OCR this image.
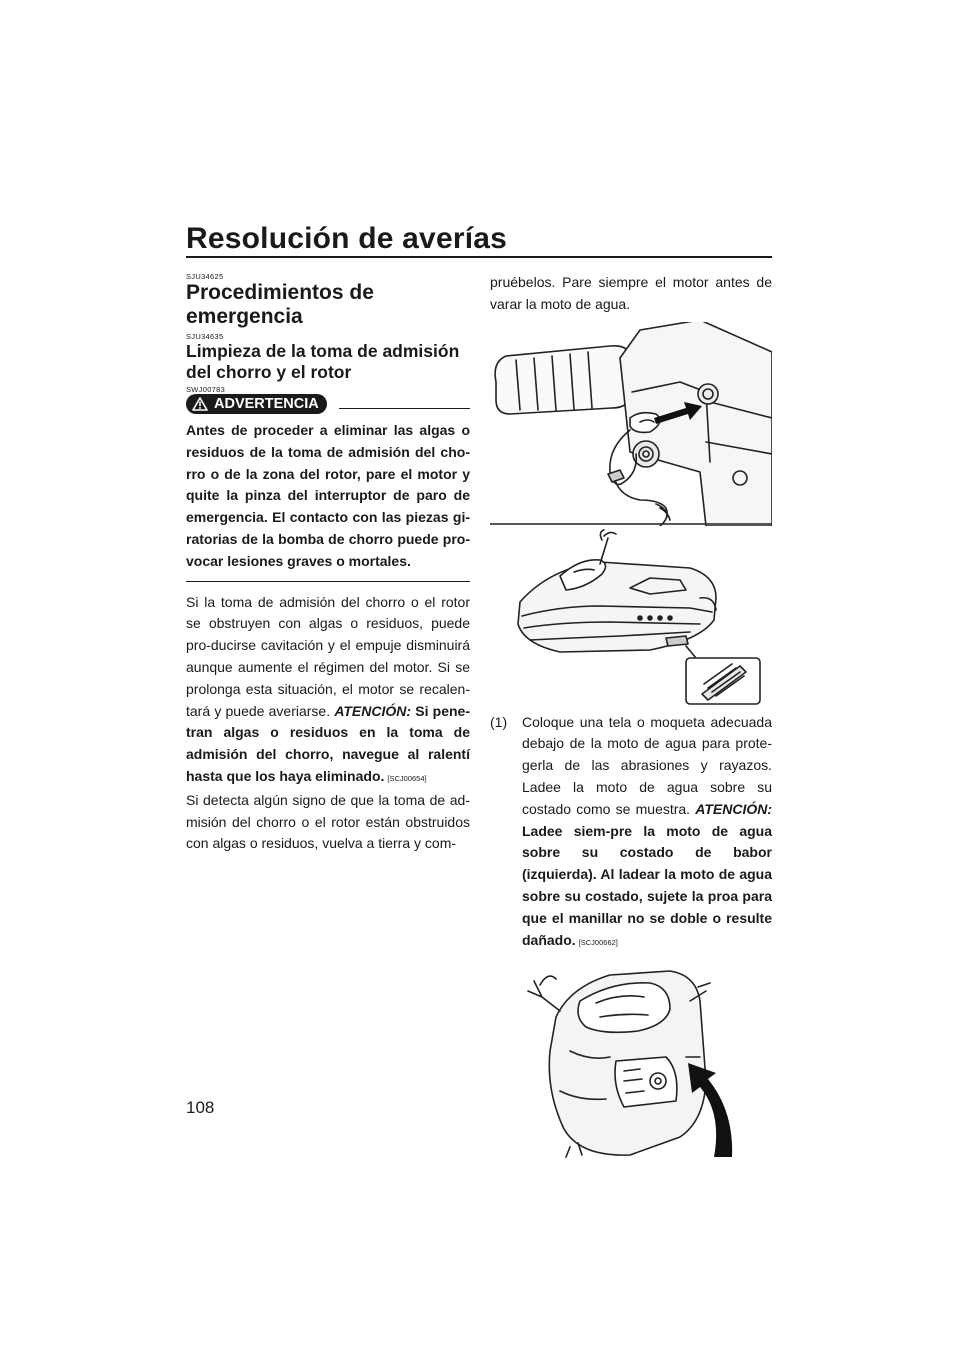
Resolución de averías
SJU34625
Procedimientos de emergencia
SJU34635
Limpieza de la toma de admisión del chorro y el rotor
SWJ00783
ADVERTENCIA
Antes de proceder a eliminar las algas o residuos de la toma de admisión del cho-rro o de la zona del rotor, pare el motor y quite la pinza del interruptor de paro de emergencia. El contacto con las piezas gi-ratorias de la bomba de chorro puede pro-vocar lesiones graves o mortales.

Si la toma de admisión del chorro o el rotor se obstruyen con algas o residuos, puede pro-ducirse cavitación y el empuje disminuirá aunque aumente el régimen del motor. Si se prolonga esta situación, el motor se recalen-tará y puede averiarse. ATENCIÓN: Si pene-tran algas o residuos en la toma de admisión del chorro, navegue al ralentí hasta que los haya eliminado. [SCJ00654]

Si detecta algún signo de que la toma de ad-misión del chorro o el rotor están obstruidos con algas o residuos, vuelva a tierra y com-

pruébelos. Pare siempre el motor antes de varar la moto de agua.

(1)	Coloque una tela o moqueta adecuada debajo de la moto de agua para prote-gerla de las abrasiones y rayazos. Ladee la moto de agua sobre su costado como se muestra. ATENCIÓN: Ladee siem-pre la moto de agua sobre su costado de babor (izquierda). Al ladear la moto de agua sobre su costado, sujete la proa para que el manillar no se doble o resulte dañado. [SCJ00662]
108
